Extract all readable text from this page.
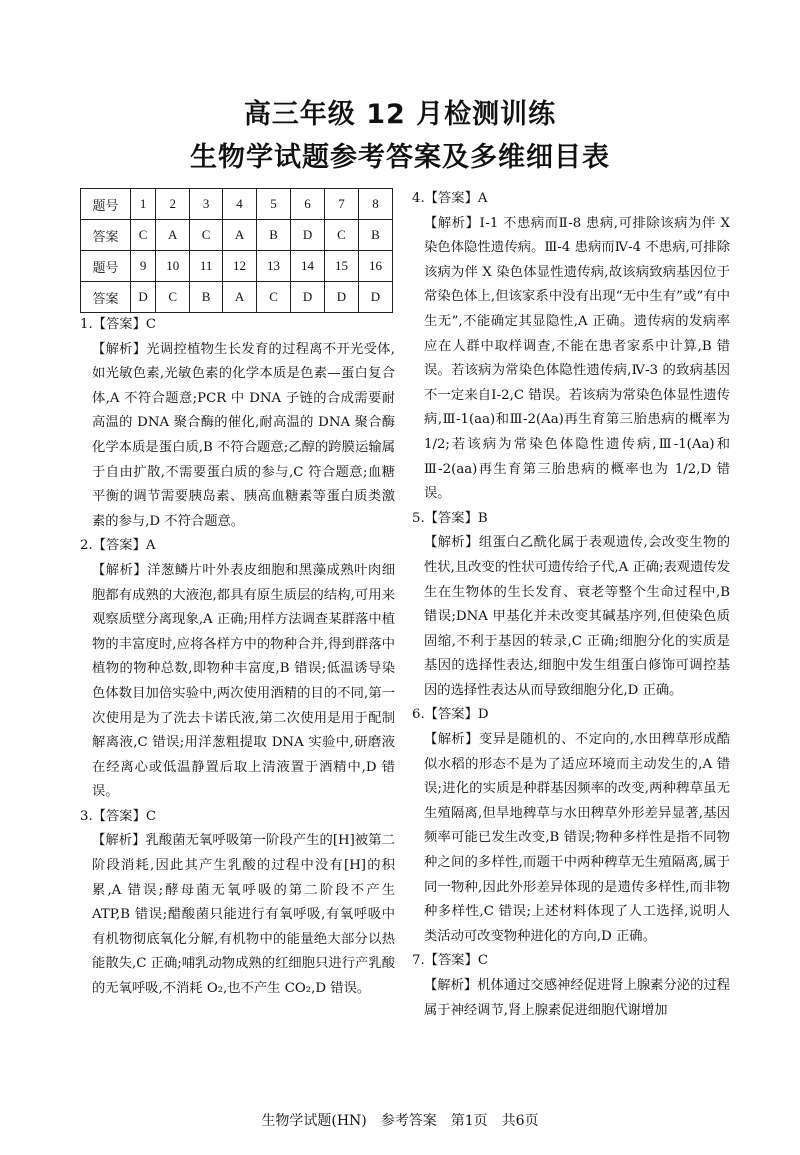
高三年级 12 月检测训练
生物学试题参考答案及多维细目表
题号	1	2	3	4	5	6	7	8
答案	C	A	C	A	B	D	C	B
题号	9	10	11	12	13	14	15	16
答案	D	C	B	A	C	D	D	D

1.【答案】C

【解析】光调控植物生长发育的过程离不开光受体,如光敏色素,光敏色素的化学本质是色素—蛋白复合体,A 不符合题意;PCR 中 DNA 子链的合成需要耐高温的 DNA 聚合酶的催化,耐高温的 DNA 聚合酶化学本质是蛋白质,B 不符合题意;乙醇的跨膜运输属于自由扩散,不需要蛋白质的参与,C 符合题意;血糖平衡的调节需要胰岛素、胰高血糖素等蛋白质类激素的参与,D 不符合题意。

2.【答案】A

【解析】洋葱鳞片叶外表皮细胞和黑藻成熟叶肉细胞都有成熟的大液泡,都具有原生质层的结构,可用来观察质壁分离现象,A 正确;用样方法调查某群落中植物的丰富度时,应将各样方中的物种合并,得到群落中植物的物种总数,即物种丰富度,B 错误;低温诱导染色体数目加倍实验中,两次使用酒精的目的不同,第一次使用是为了洗去卡诺氏液,第二次使用是用于配制解离液,C 错误;用洋葱粗提取 DNA 实验中,研磨液在经离心或低温静置后取上清液置于酒精中,D 错误。

3.【答案】C

【解析】乳酸菌无氧呼吸第一阶段产生的[H]被第二阶段消耗,因此其产生乳酸的过程中没有[H]的积累,A 错误;酵母菌无氧呼吸的第二阶段不产生 ATP,B 错误;醋酸菌只能进行有氧呼吸,有氧呼吸中有机物彻底氧化分解,有机物中的能量绝大部分以热能散失,C 正确;哺乳动物成熟的红细胞只进行产乳酸的无氧呼吸,不消耗 O₂,也不产生 CO₂,D 错误。

4.【答案】A

【解析】Ⅰ-1 不患病而Ⅱ-8 患病,可排除该病为伴 X 染色体隐性遗传病。Ⅲ-4 患病而Ⅳ-4 不患病,可排除该病为伴 X 染色体显性遗传病,故该病致病基因位于常染色体上,但该家系中没有出现“无中生有”或“有中生无”,不能确定其显隐性,A 正确。遗传病的发病率应在人群中取样调查,不能在患者家系中计算,B 错误。若该病为常染色体隐性遗传病,Ⅳ-3 的致病基因不一定来自Ⅰ-2,C 错误。若该病为常染色体显性遗传病,Ⅲ-1(aa)和Ⅲ-2(Aa)再生育第三胎患病的概率为 1/2;若该病为常染色体隐性遗传病,Ⅲ-1(Aa)和Ⅲ-2(aa)再生育第三胎患病的概率也为 1/2,D 错误。

5.【答案】B

【解析】组蛋白乙酰化属于表观遗传,会改变生物的性状,且改变的性状可遗传给子代,A 正确;表观遗传发生在生物体的生长发育、衰老等整个生命过程中,B 错误;DNA 甲基化并未改变其碱基序列,但使染色质固缩,不利于基因的转录,C 正确;细胞分化的实质是基因的选择性表达,细胞中发生组蛋白修饰可调控基因的选择性表达从而导致细胞分化,D 正确。

6.【答案】D

【解析】变异是随机的、不定向的,水田稗草形成酷似水稻的形态不是为了适应环境而主动发生的,A 错误;进化的实质是种群基因频率的改变,两种稗草虽无生殖隔离,但旱地稗草与水田稗草外形差异显著,基因频率可能已发生改变,B 错误;物种多样性是指不同物种之间的多样性,而题干中两种稗草无生殖隔离,属于同一物种,因此外形差异体现的是遗传多样性,而非物种多样性,C 错误;上述材料体现了人工选择,说明人类活动可改变物种进化的方向,D 正确。

7.【答案】C

【解析】机体通过交感神经促进肾上腺素分泌的过程属于神经调节,肾上腺素促进细胞代谢增加

生物学试题(HN)　参考答案　第1页　共6页
